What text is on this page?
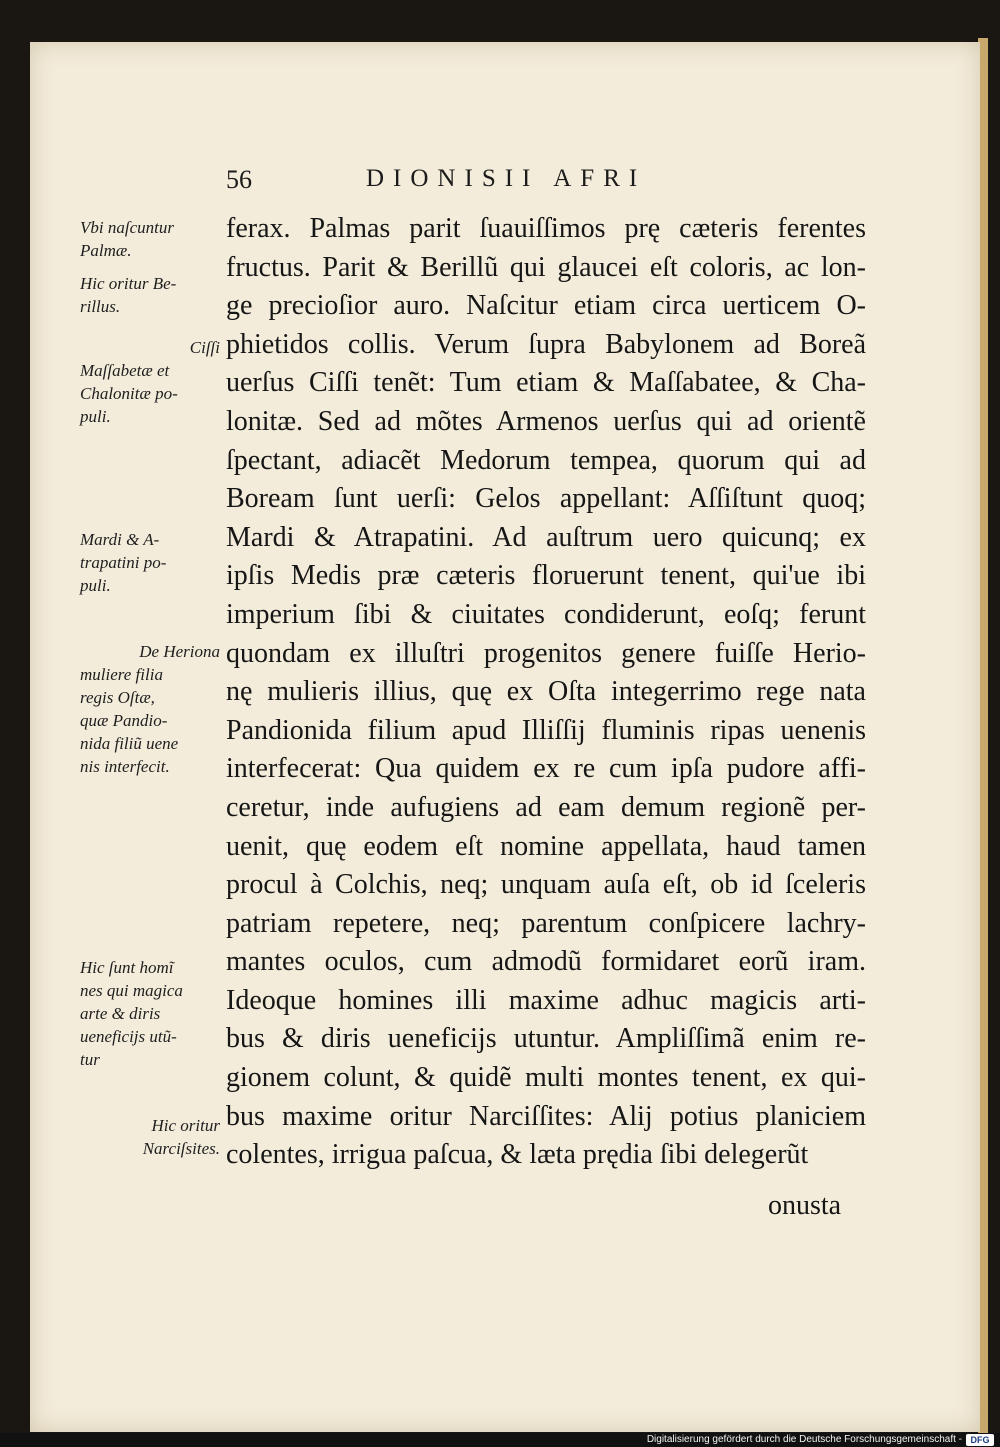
56	DIONISII AFRI
ferax. Palmas parit ſuauiſſimos prę cæteris ferentes
fructus. Parit & Berillũ qui glaucei eſt coloris, ac lon-
ge precioſior auro. Naſcitur etiam circa uerticem O-
phietidos collis. Verum ſupra Babylonem ad Boreã
uerſus Ciſſi tenẽt: Tum etiam & Maſſabatee, & Cha-
lonitæ. Sed ad mõtes Armenos uerſus qui ad orientẽ
ſpectant, adiacẽt Medorum tempea, quorum qui ad
Boream ſunt uerſi: Gelos appellant: Aſſiſtunt quoq;
Mardi & Atrapatini. Ad auſtrum uero quicunq; ex
ipſis Medis præ cæteris floruerunt tenent, qui'ue ibi
imperium ſibi & ciuitates condiderunt, eoſq; ferunt
quondam ex illuſtri progenitos genere fuiſſe Herio-
nę mulieris illius, quę ex Oſta integerrimo rege nata
Pandionida filium apud Illiſſij fluminis ripas uenenis
interfecerat: Qua quidem ex re cum ipſa pudore affi-
ceretur, inde aufugiens ad eam demum regionẽ per-
uenit, quę eodem eſt nomine appellata, haud tamen
procul à Colchis, neq; unquam auſa eſt, ob id ſceleris
patriam repetere, neq; parentum conſpicere lachry-
mantes oculos, cum admodũ formidaret eorũ iram.
Ideoque homines illi maxime adhuc magicis arti-
bus & diris ueneficijs utuntur. Ampliſſimã enim re-
gionem colunt, & quidẽ multi montes tenent, ex qui-
bus maxime oritur Narciſſites: Alij potius planiciem
colentes, irrigua paſcua, & læta prędia ſibi delegerũt
onusta
Vbi naſcuntur
Palmæ.
Hic oritur Be-
rillus.
Ciſſi
Maſſabetæ et
Chalonitæ po-
puli.
Mardi & A-
trapatini po-
puli.
De Heriona
muliere filia
regis Oſtæ,
quæ Pandio-
nida filiũ uene
nis interfecit.
Hic ſunt homĩ
nes qui magica
arte & diris
ueneficijs utũ-
tur
Hic oritur
Narciſsites.
Digitalisierung gefördert durch die Deutsche Forschungsgemeinschaft - DFG
